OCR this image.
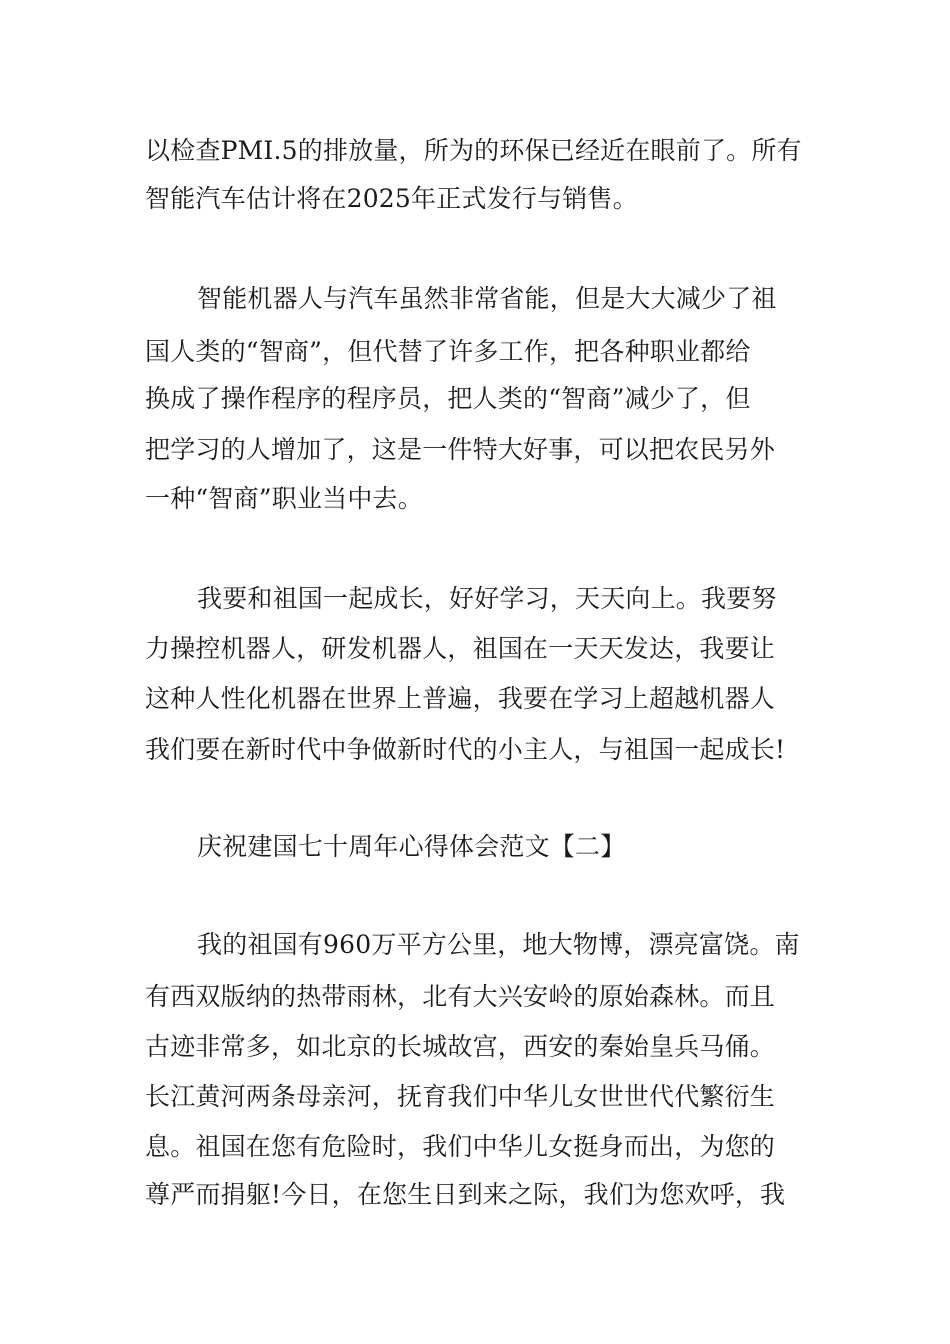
以检查PMI.5的排放量，所为的环保已经近在眼前了。所有
智能汽车估计将在2025年正式发行与销售。
智能机器人与汽车虽然非常省能，但是大大减少了祖
国人类的“智商”，但代替了许多工作，把各种职业都给
换成了操作程序的程序员，把人类的“智商”减少了，但
把学习的人增加了，这是一件特大好事，可以把农民另外
一种“智商”职业当中去。
我要和祖国一起成长，好好学习，天天向上。我要努
力操控机器人，研发机器人，祖国在一天天发达，我要让
这种人性化机器在世界上普遍，我要在学习上超越机器人
我们要在新时代中争做新时代的小主人，与祖国一起成长!
庆祝建国七十周年心得体会范文【二】
我的祖国有960万平方公里，地大物博，漂亮富饶。南
有西双版纳的热带雨林，北有大兴安岭的原始森林。而且
古迹非常多，如北京的长城故宫，西安的秦始皇兵马俑。
长江黄河两条母亲河，抚育我们中华儿女世世代代繁衍生
息。祖国在您有危险时，我们中华儿女挺身而出，为您的
尊严而捐躯!今日，在您生日到来之际，我们为您欢呼，我
